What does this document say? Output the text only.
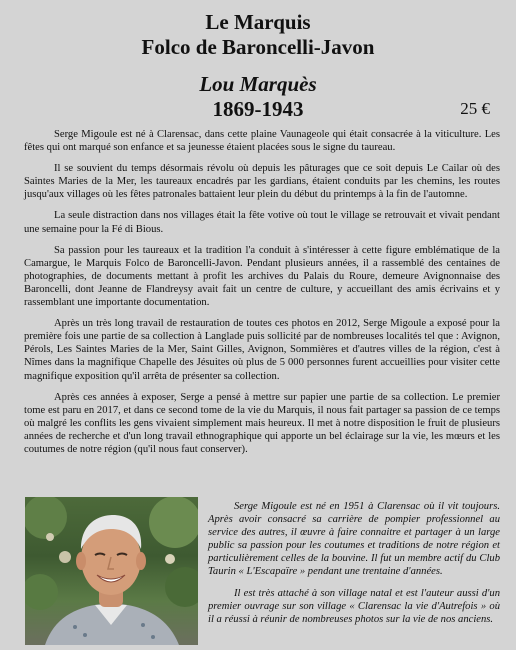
Le Marquis
Folco de Baroncelli-Javon
Lou Marquès
1869-1943	25 €

Serge Migoule est né à Clarensac, dans cette plaine Vaunageole qui était consacrée à la viticulture. Les fêtes qui ont marqué son enfance et sa jeunesse étaient placées sous le signe du taureau.

Il se souvient du temps désormais révolu où depuis les pâturages que ce soit depuis Le Cailar où des Saintes Maries de la Mer, les taureaux encadrés par les gardians, étaient conduits par les chemins, les routes jusqu'aux villages où les fêtes patronales battaient leur plein du début du printemps à la fin de l'automne.

La seule distraction dans nos villages était la fête votive où tout le village se retrouvait et vivait pendant une semaine pour la Fé di Bious.

Sa passion pour les taureaux et la tradition l'a conduit à s'intéresser à cette figure emblématique de la Camargue, le Marquis Folco de Baroncelli-Javon. Pendant plusieurs années, il a rassemblé des centaines de photographies, de documents mettant à profit les archives du Palais du Roure, demeure Avignonnaise des Baroncelli, dont Jeanne de Flandreysy avait fait un centre de culture, y accueillant des amis écrivains et y rassemblant une importante documentation.

Après un très long travail de restauration de toutes ces photos en 2012, Serge Migoule a exposé pour la première fois une partie de sa collection à Langlade puis sollicité par de nombreuses localités tel que : Avignon, Pérols, Les Saintes Maries de la Mer, Saint Gilles, Avignon, Sommières et d'autres villes de la région, c'est à Nîmes dans la magnifique Chapelle des Jésuites où plus de 5 000 personnes furent accueillies pour visiter cette magnifique exposition qu'il arrêta de présenter sa collection.

Après ces années à exposer, Serge a pensé à mettre sur papier une partie de sa collection. Le premier tome est paru en 2017, et dans ce second tome de la vie du Marquis, il nous fait partager sa passion de ce temps où malgré les conflits les gens vivaient simplement mais heureux. Il met à notre disposition le fruit de plusieurs années de recherche et d'un long travail ethnographique qui apporte un bel éclairage sur la vie, les mœurs et les coutumes de notre région (qu'il nous faut conserver).

Serge Migoule est né en 1951 à Clarensac où il vit toujours. Après avoir consacré sa carrière de pompier professionnel au service des autres, il œuvre à faire connaitre et partager à un large public sa passion pour les coutumes et traditions de notre région et particulièrement celles de la bouvine. Il fut un membre actif du Club Taurin « L'Escapaïre » pendant une trentaine d'années.

Il est très attaché à son village natal et est l'auteur aussi d'un premier ouvrage sur son village « Clarensac la vie d'Autrefois » où il a réussi à réunir de nombreuses photos sur la vie de nos anciens.
